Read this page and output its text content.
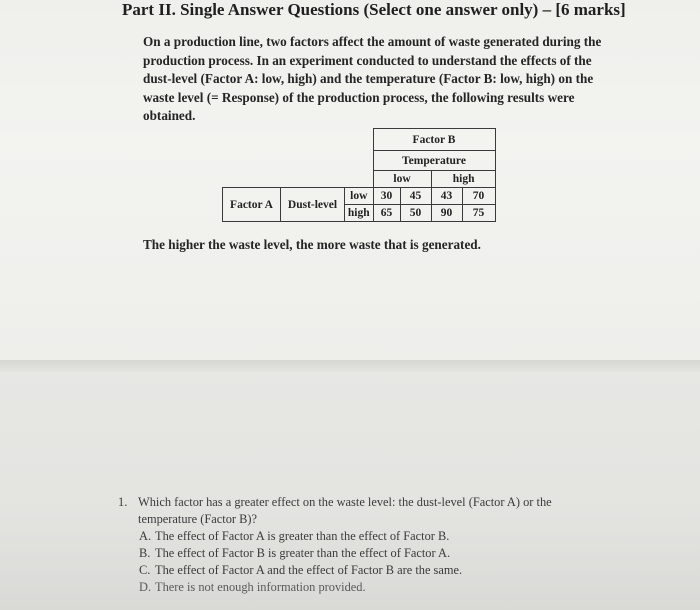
Part II. Single Answer Questions (Select one answer only) – [6 marks]
On a production line, two factors affect the amount of waste generated during the production process. In an experiment conducted to understand the effects of the dust-level (Factor A: low, high) and the temperature (Factor B: low, high) on the waste level (= Response) of the production process, the following results were obtained.
			Factor B			
			Temperature			
			low		high	
Factor A	Dust-level	low	30	45	43	70
		high	65	50	90	75
The higher the waste level, the more waste that is generated.
1. Which factor has a greater effect on the waste level: the dust-level (Factor A) or the
temperature (Factor B)?
A. The effect of Factor A is greater than the effect of Factor B.
B. The effect of Factor B is greater than the effect of Factor A.
C. The effect of Factor A and the effect of Factor B are the same.
D. There is not enough information provided.
